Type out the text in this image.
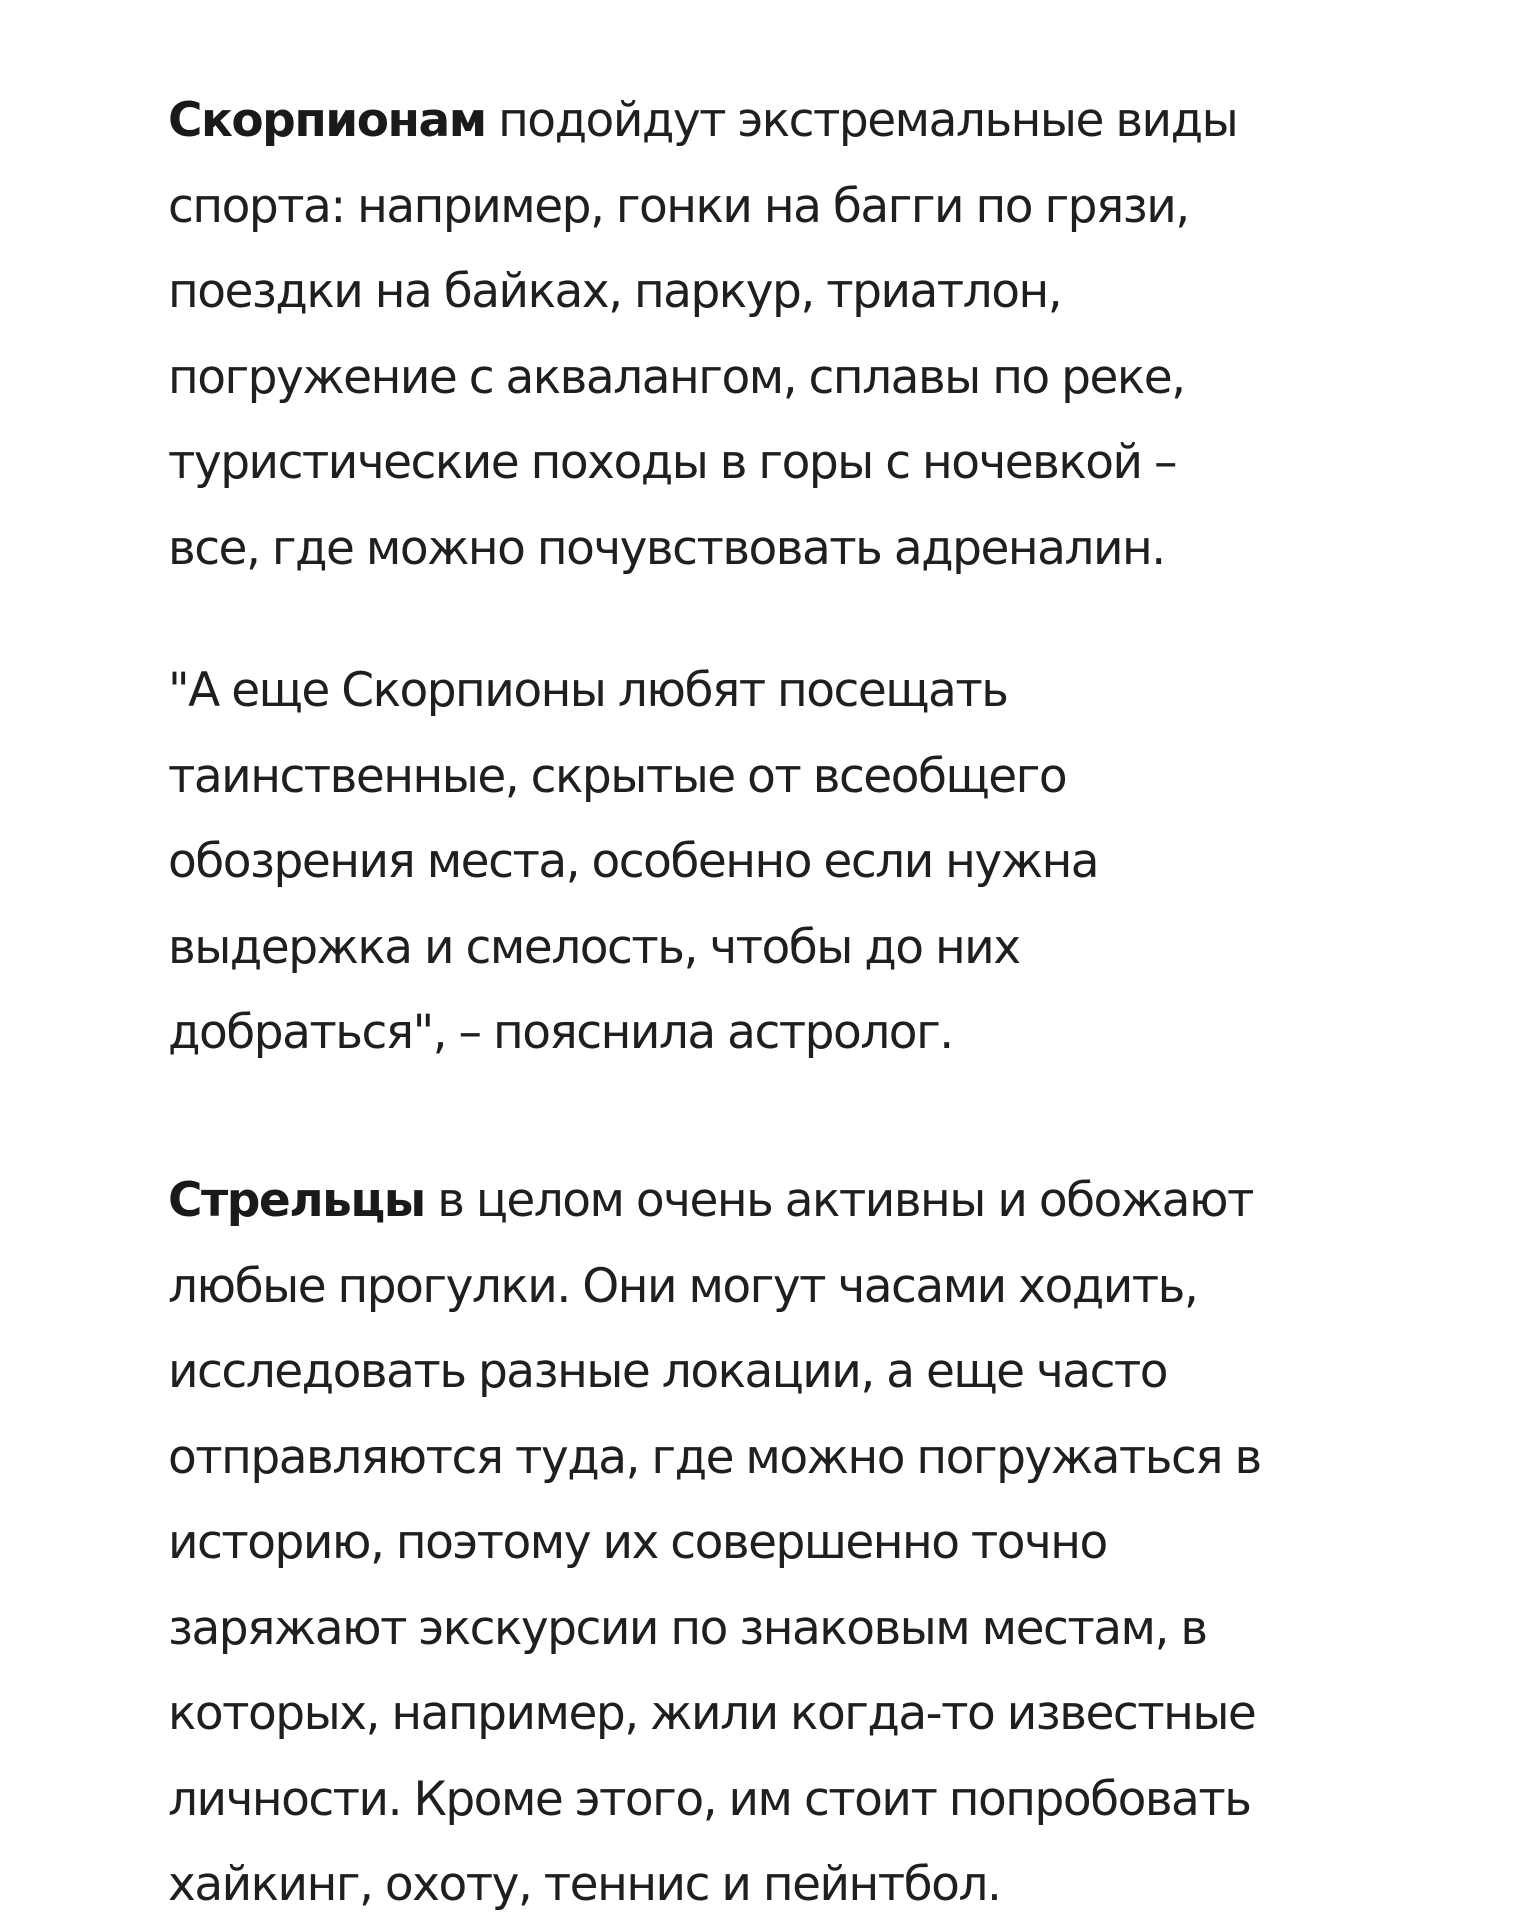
Скорпионам подойдут экстремальные виды
спорта: например, гонки на багги по грязи,
поездки на байках, паркур, триатлон,
погружение с аквалангом, сплавы по реке,
туристические походы в горы с ночевкой –
все, где можно почувствовать адреналин.

"А еще Скорпионы любят посещать
таинственные, скрытые от всеобщего
обозрения места, особенно если нужна
выдержка и смелость, чтобы до них
добраться", – пояснила астролог.

Стрельцы в целом очень активны и обожают
любые прогулки. Они могут часами ходить,
исследовать разные локации, а еще часто
отправляются туда, где можно погружаться в
историю, поэтому их совершенно точно
заряжают экскурсии по знаковым местам, в
которых, например, жили когда-то известные
личности. Кроме этого, им стоит попробовать
хайкинг, охоту, теннис и пейнтбол.
